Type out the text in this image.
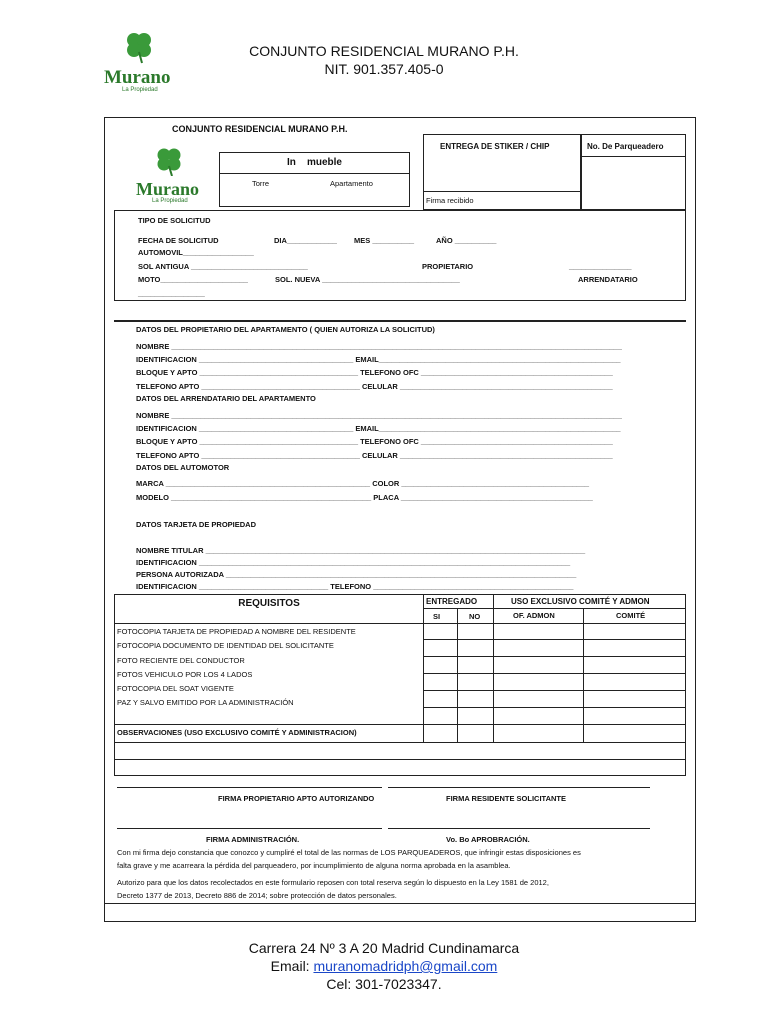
Murano
La Propiedad
CONJUNTO RESIDENCIAL MURANO P.H.
NIT. 901.357.405-0
CONJUNTO RESIDENCIAL MURANO P.H.
Murano
La Propiedad
In    mueble
Torre	Apartamento
ENTREGA DE STIKER / CHIP
Firma recibido
No. De Parqueadero
TIPO DE SOLICITUD
FECHA DE SOLICITUD	DIA____________ MES __________	AÑO __________
AUTOMOVIL_________________
SOL ANTIGUA ____________________________	PROPIETARIO	_______________
MOTO_____________________	SOL. NUEVA _________________________________	ARRENDATARIO
________________
DATOS DEL PROPIETARIO DEL APARTAMENTO ( QUIEN AUTORIZA LA SOLICITUD)
NOMBRE ____________________________________________________________________________________________________________
IDENTIFICACION _____________________________________ EMAIL__________________________________________________________
BLOQUE Y APTO ______________________________________ TELEFONO OFC ______________________________________________
TELEFONO APTO ______________________________________ CELULAR ___________________________________________________
DATOS DEL ARRENDATARIO DEL APARTAMENTO
NOMBRE ____________________________________________________________________________________________________________
IDENTIFICACION _____________________________________ EMAIL__________________________________________________________
BLOQUE Y APTO ______________________________________ TELEFONO OFC ______________________________________________
TELEFONO APTO ______________________________________ CELULAR ___________________________________________________
DATOS DEL AUTOMOTOR
MARCA _________________________________________________ COLOR _____________________________________________
MODELO ________________________________________________ PLACA ______________________________________________
DATOS TARJETA DE PROPIEDAD
NOMBRE TITULAR ___________________________________________________________________________________________
IDENTIFICACION _________________________________________________________________________________________
PERSONA AUTORIZADA ____________________________________________________________________________________
IDENTIFICACION _______________________________ TELEFONO ________________________________________________
REQUISITOS	ENTREGADO	USO EXCLUSIVO COMITÉ Y ADMON
SI	NO	OF. ADMON	COMITÉ
FOTOCOPIA TARJETA DE PROPIEDAD A NOMBRE DEL RESIDENTE
FOTOCOPIA DOCUMENTO DE IDENTIDAD DEL SOLICITANTE
FOTO RECIENTE DEL CONDUCTOR
FOTOS VEHICULO POR LOS 4 LADOS
FOTOCOPIA DEL SOAT VIGENTE
PAZ Y SALVO EMITIDO POR LA ADMINISTRACIÓN
OBSERVACIONES (USO EXCLUSIVO COMITÉ Y ADMINISTRACION)
FIRMA PROPIETARIO APTO AUTORIZANDO	FIRMA RESIDENTE SOLICITANTE
FIRMA ADMINISTRACIÓN.	Vo. Bo APROBRACIÓN.
Con mi firma dejo constancia que conozco y cumpliré el total de las normas de LOS PARQUEADEROS, que infringir estas disposiciones es
falta grave y me acarreara la pérdida del parqueadero, por incumplimiento de alguna norma aprobada en la asamblea.
Autorizo para que los datos recolectados en este formulario reposen con total reserva según lo dispuesto en la Ley 1581 de 2012,
Decreto 1377 de 2013, Decreto 886 de 2014; sobre protección de datos personales.
Carrera 24 Nº 3 A 20 Madrid Cundinamarca
Email: muranomadridph@gmail.com
Cel: 301-7023347.
